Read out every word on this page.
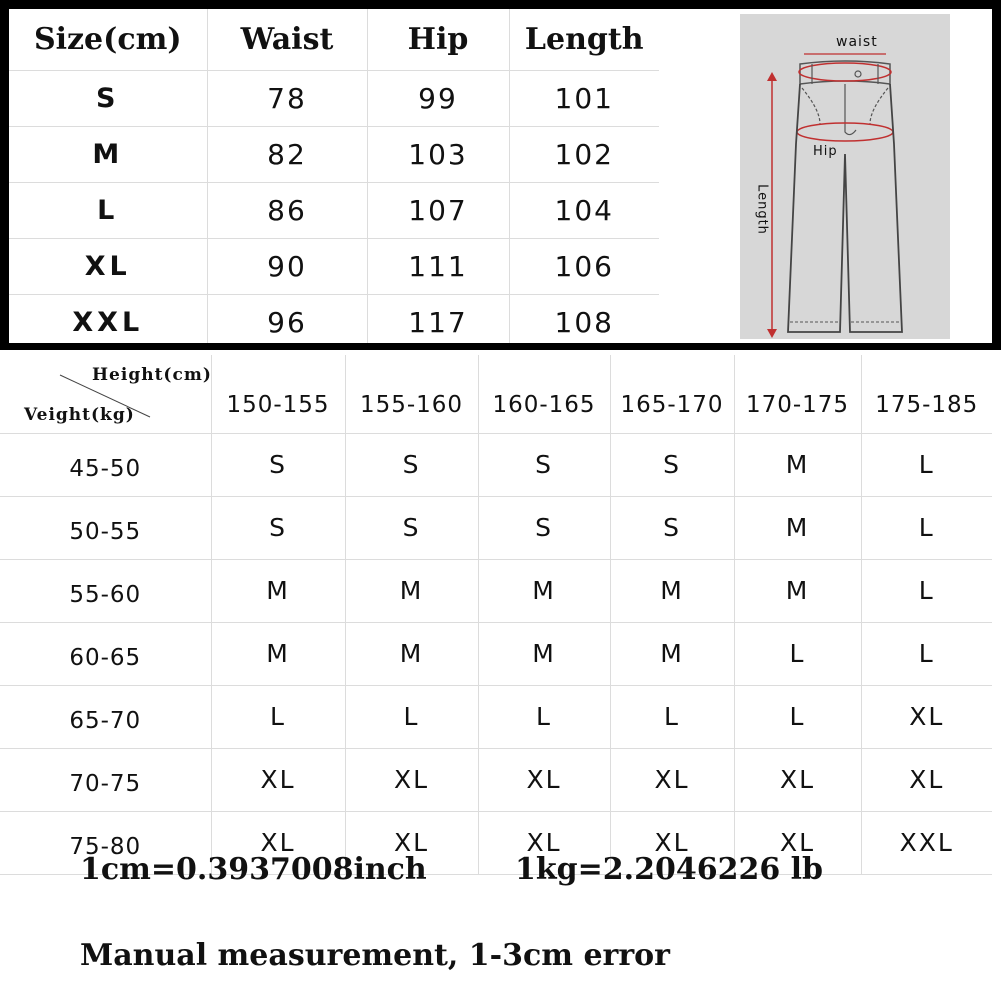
Size(cm)	Waist	Hip	Length
S	78	99	101
M	82	103	102
L	86	107	104
XL	90	111	106
XXL	96	117	108
waist
Hip
Length
Height(cm)
Veight(kg)	150-155	155-160	160-165	165-170	170-175	175-185
45-50	S	S	S	S	M	L
50-55	S	S	S	S	M	L
55-60	M	M	M	M	M	L
60-65	M	M	M	M	L	L
65-70	L	L	L	L	L	XL
70-75	XL	XL	XL	XL	XL	XL
75-80	XL	XL	XL	XL	XL	XXL
1cm=0.3937008inch	1kg=2.2046226 lb
Manual measurement, 1-3cm error
